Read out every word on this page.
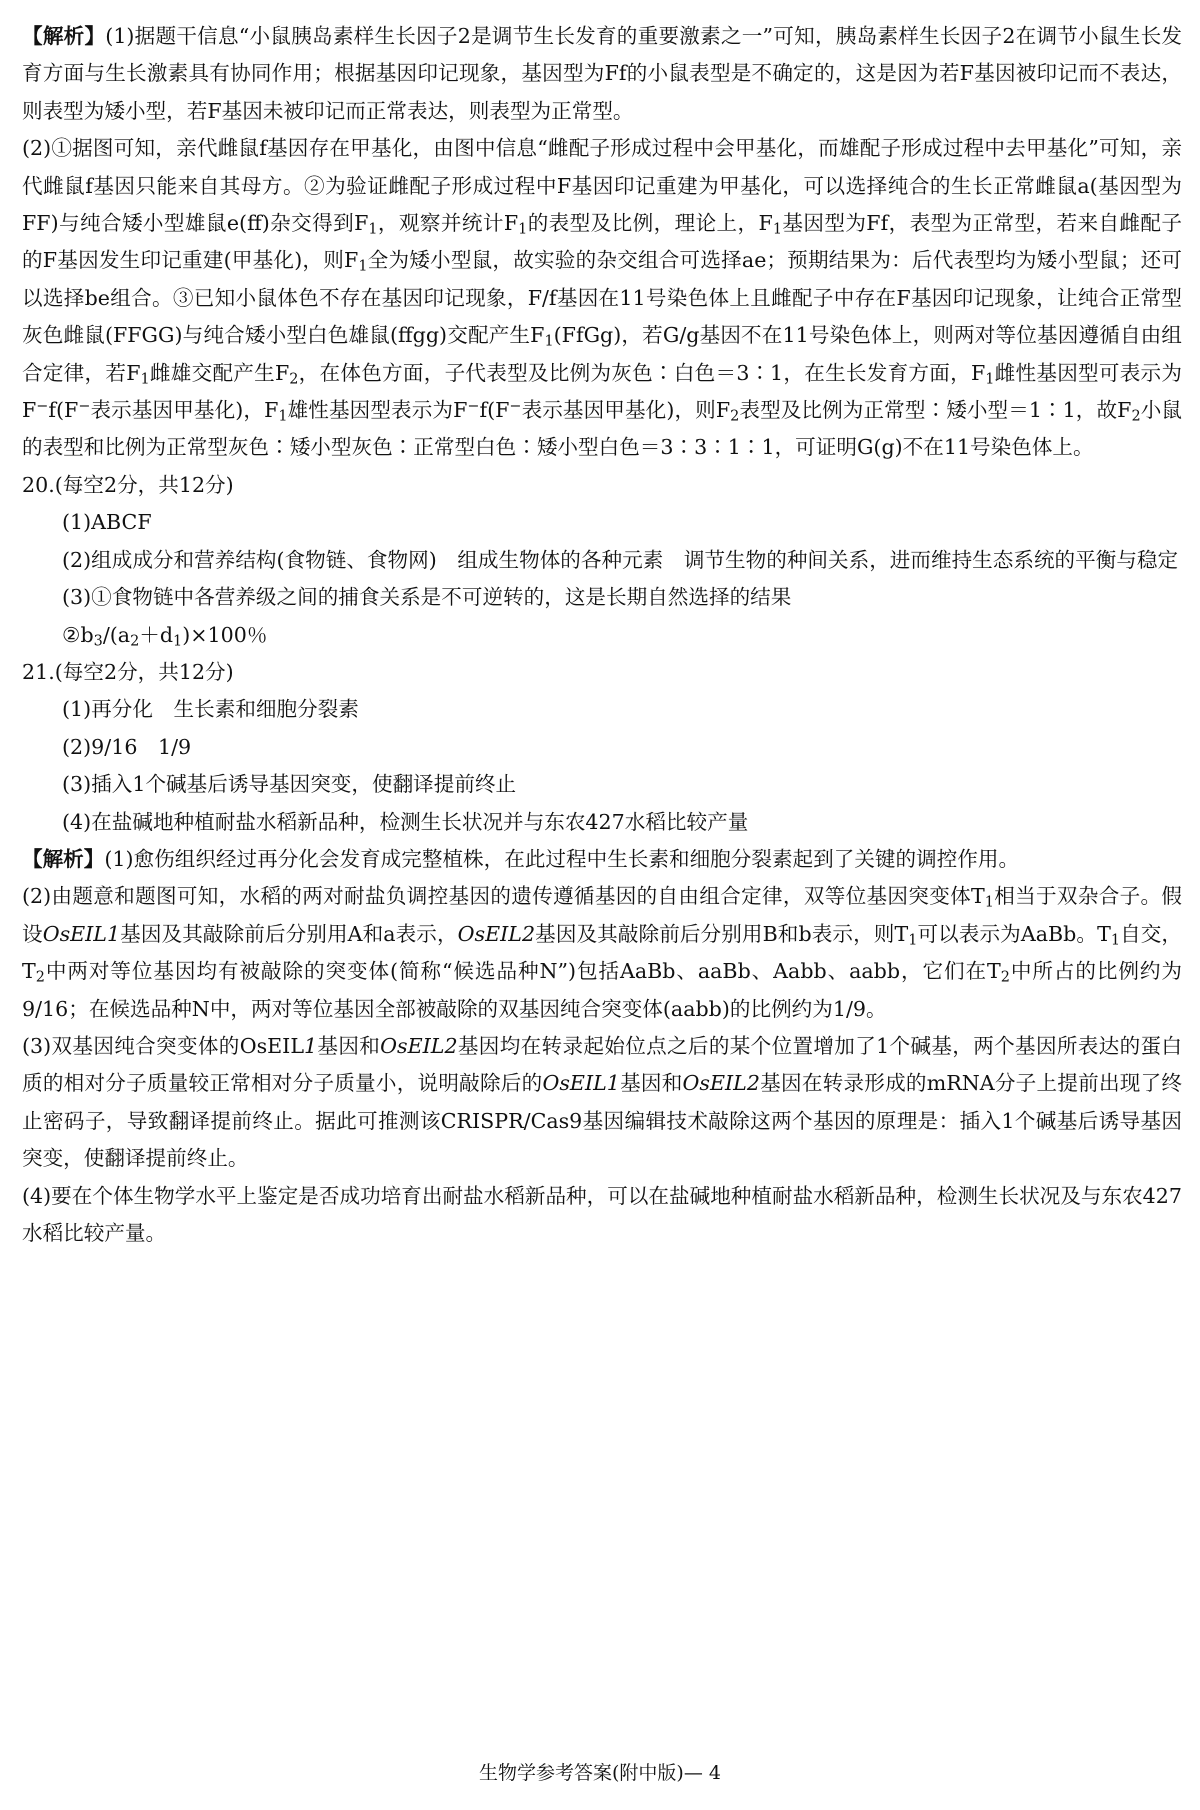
【解析】(1)据题干信息“小鼠胰岛素样生长因子2是调节生长发育的重要激素之一”可知，胰岛素样生长因子2在调节小鼠生长发育方面与生长激素具有协同作用；根据基因印记现象，基因型为Ff的小鼠表型是不确定的，这是因为若F基因被印记而不表达，则表型为矮小型，若F基因未被印记而正常表达，则表型为正常型。

(2)①据图可知，亲代雌鼠f基因存在甲基化，由图中信息“雌配子形成过程中会甲基化，而雄配子形成过程中去甲基化”可知，亲代雌鼠f基因只能来自其母方。②为验证雌配子形成过程中F基因印记重建为甲基化，可以选择纯合的生长正常雌鼠a(基因型为FF)与纯合矮小型雄鼠e(ff)杂交得到$F_1$，观察并统计$F_1$的表型及比例，理论上，$F_1$基因型为Ff，表型为正常型，若来自雌配子的F基因发生印记重建(甲基化)，则$F_1$全为矮小型鼠，故实验的杂交组合可选择ae；预期结果为：后代表型均为矮小型鼠；还可以选择be组合。③已知小鼠体色不存在基因印记现象，F/f基因在11号染色体上且雌配子中存在F基因印记现象，让纯合正常型灰色雌鼠(FFGG)与纯合矮小型白色雄鼠(ffgg)交配产生$F_1(FfGg)$，若G/g基因不在11号染色体上，则两对等位基因遵循自由组合定律，若$F_1$雌雄交配产生$F_2$，在体色方面，子代表型及比例为灰色∶白色＝3∶1，在生长发育方面，$F_1$雌性基因型可表示为F−f(F−表示基因甲基化)，$F_1$雄性基因型表示为F−f(F−表示基因甲基化)，则$F_2$表型及比例为正常型∶矮小型＝1∶1，故$F_2$小鼠的表型和比例为正常型灰色∶矮小型灰色∶正常型白色∶矮小型白色＝3∶3∶1∶1，可证明G(g)不在11号染色体上。

20.(每空2分，共12分)

(1)ABCF

(2)组成成分和营养结构(食物链、食物网)　组成生物体的各种元素　调节生物的种间关系，进而维持生态系统的平衡与稳定

(3)①食物链中各营养级之间的捕食关系是不可逆转的，这是长期自然选择的结果

$②b_3/(a_2+d_1)\times 100$％

21.(每空2分，共12分)

(1)再分化　生长素和细胞分裂素

(2)9/16　1/9

(3)插入1个碱基后诱导基因突变，使翻译提前终止

(4)在盐碱地种植耐盐水稻新品种，检测生长状况并与东农427水稻比较产量

【解析】(1)愈伤组织经过再分化会发育成完整植株，在此过程中生长素和细胞分裂素起到了关键的调控作用。

(2)由题意和题图可知，水稻的两对耐盐负调控基因的遗传遵循基因的自由组合定律，双等位基因突变体$T_1$相当于双杂合子。假设OsEIL1基因及其敲除前后分别用A和a表示，OsEIL2基因及其敲除前后分别用B和b表示，则$T_1$可以表示为AaBb。$T_1$自交，$T_2$中两对等位基因均有被敲除的突变体(简称“候选品种N”)包括AaBb、aaBb、Aabb、aabb，它们在$T_2$中所占的比例约为9/16；在候选品种N中，两对等位基因全部被敲除的双基因纯合突变体(aabb)的比例约为1/9。

(3)双基因纯合突变体的OsEIL1基因和OsEIL2基因均在转录起始位点之后的某个位置增加了1个碱基，两个基因所表达的蛋白质的相对分子质量较正常相对分子质量小，说明敲除后的OsEIL1基因和OsEIL2基因在转录形成的mRNA分子上提前出现了终止密码子，导致翻译提前终止。据此可推测该CRISPR/Cas9基因编辑技术敲除这两个基因的原理是：插入1个碱基后诱导基因突变，使翻译提前终止。

(4)要在个体生物学水平上鉴定是否成功培育出耐盐水稻新品种，可以在盐碱地种植耐盐水稻新品种，检测生长状况及与东农427水稻比较产量。

生物学参考答案(附中版)— 4
